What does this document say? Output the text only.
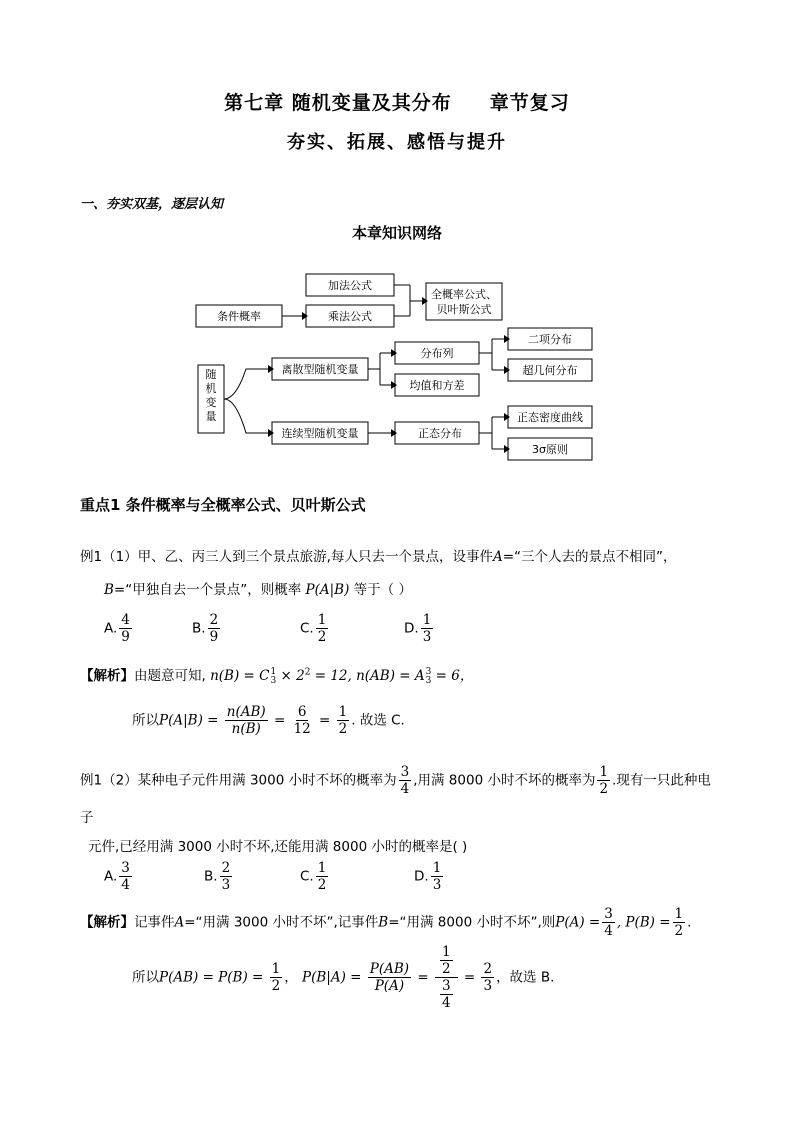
第七章 随机变量及其分布 章节复习
夯实、拓展、感悟与提升
一、夯实双基，逐层认知
本章知识网络
条件概率
加法公式
乘法公式
全概率公式、
贝叶斯公式
随
机
变
量
离散型随机变量
分布列
均值和方差
二项分布
超几何分布
连续型随机变量	正态分布
正态密度曲线
3σ原则
重点1 条件概率与全概率公式、贝叶斯公式
例1（1）甲、乙、丙三人到三个景点旅游,每人只去一个景点，设事件A=“三个人去的景点不相同”，
B=“甲独自去一个景点”，则概率 P(A|B) 等于（ ）
A. $\frac{4}{9}$	B. $\frac{2}{9}$	C. $\frac{1}{2}$	D. $\frac{1}{3}$
【解析】由题意可知, n(B) = C 1
$3 \times 2^2 = 12$, n(AB) = A 3
3 = 6，
所以$P(A|B) = \frac{n(AB)}{n(B)} = \frac{6}{12} = \frac{1}{2}$ . 故选 C.
例1（2）某种电子元件用满 3000 小时不坏的概率为 $\frac{3}{4}$ ,用满 8000 小时不坏的概率为 $\frac{1}{2}$ .现有一只此种电
子
元件,已经用满 3000 小时不坏,还能用满 8000 小时的概率是( )
A. $\frac{3}{4}$	B. $\frac{2}{3}$	C. $\frac{1}{2}$	D. $\frac{1}{3}$
【解析】记事件A=“用满 3000 小时不坏”,记事件B=“用满 8000 小时不坏”,则$P(A) = \frac{3}{4}$ , $P(B) = \frac{1}{2}$ .
所以$P(AB) = P(B) = \frac{1}{2}$ ， $P(B|A) = \frac{P(AB)}{P(A)} = 1$
2
3
$4 = \frac{2}{3}$ ，故选 B.
